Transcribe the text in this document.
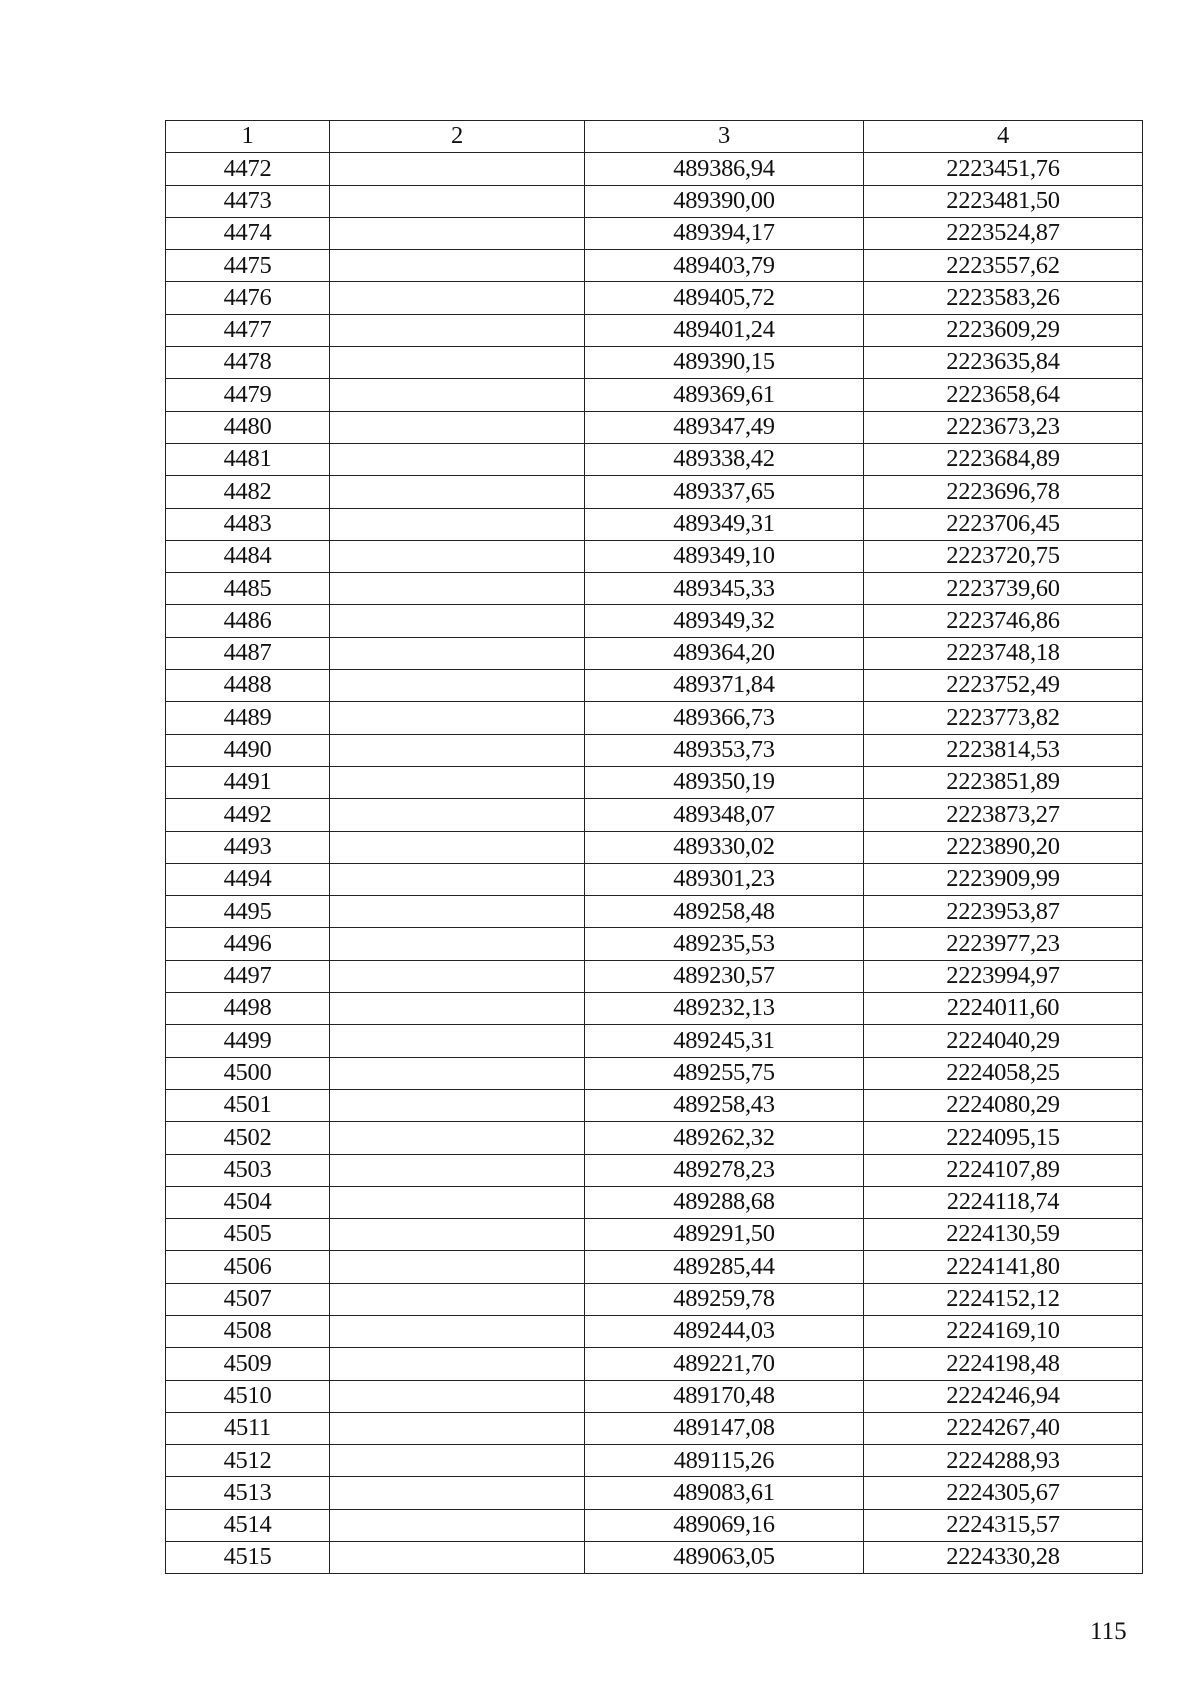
1	2	3	4
4472		489386,94	2223451,76
4473		489390,00	2223481,50
4474		489394,17	2223524,87
4475		489403,79	2223557,62
4476		489405,72	2223583,26
4477		489401,24	2223609,29
4478		489390,15	2223635,84
4479		489369,61	2223658,64
4480		489347,49	2223673,23
4481		489338,42	2223684,89
4482		489337,65	2223696,78
4483		489349,31	2223706,45
4484		489349,10	2223720,75
4485		489345,33	2223739,60
4486		489349,32	2223746,86
4487		489364,20	2223748,18
4488		489371,84	2223752,49
4489		489366,73	2223773,82
4490		489353,73	2223814,53
4491		489350,19	2223851,89
4492		489348,07	2223873,27
4493		489330,02	2223890,20
4494		489301,23	2223909,99
4495		489258,48	2223953,87
4496		489235,53	2223977,23
4497		489230,57	2223994,97
4498		489232,13	2224011,60
4499		489245,31	2224040,29
4500		489255,75	2224058,25
4501		489258,43	2224080,29
4502		489262,32	2224095,15
4503		489278,23	2224107,89
4504		489288,68	2224118,74
4505		489291,50	2224130,59
4506		489285,44	2224141,80
4507		489259,78	2224152,12
4508		489244,03	2224169,10
4509		489221,70	2224198,48
4510		489170,48	2224246,94
4511		489147,08	2224267,40
4512		489115,26	2224288,93
4513		489083,61	2224305,67
4514		489069,16	2224315,57
4515		489063,05	2224330,28
115
